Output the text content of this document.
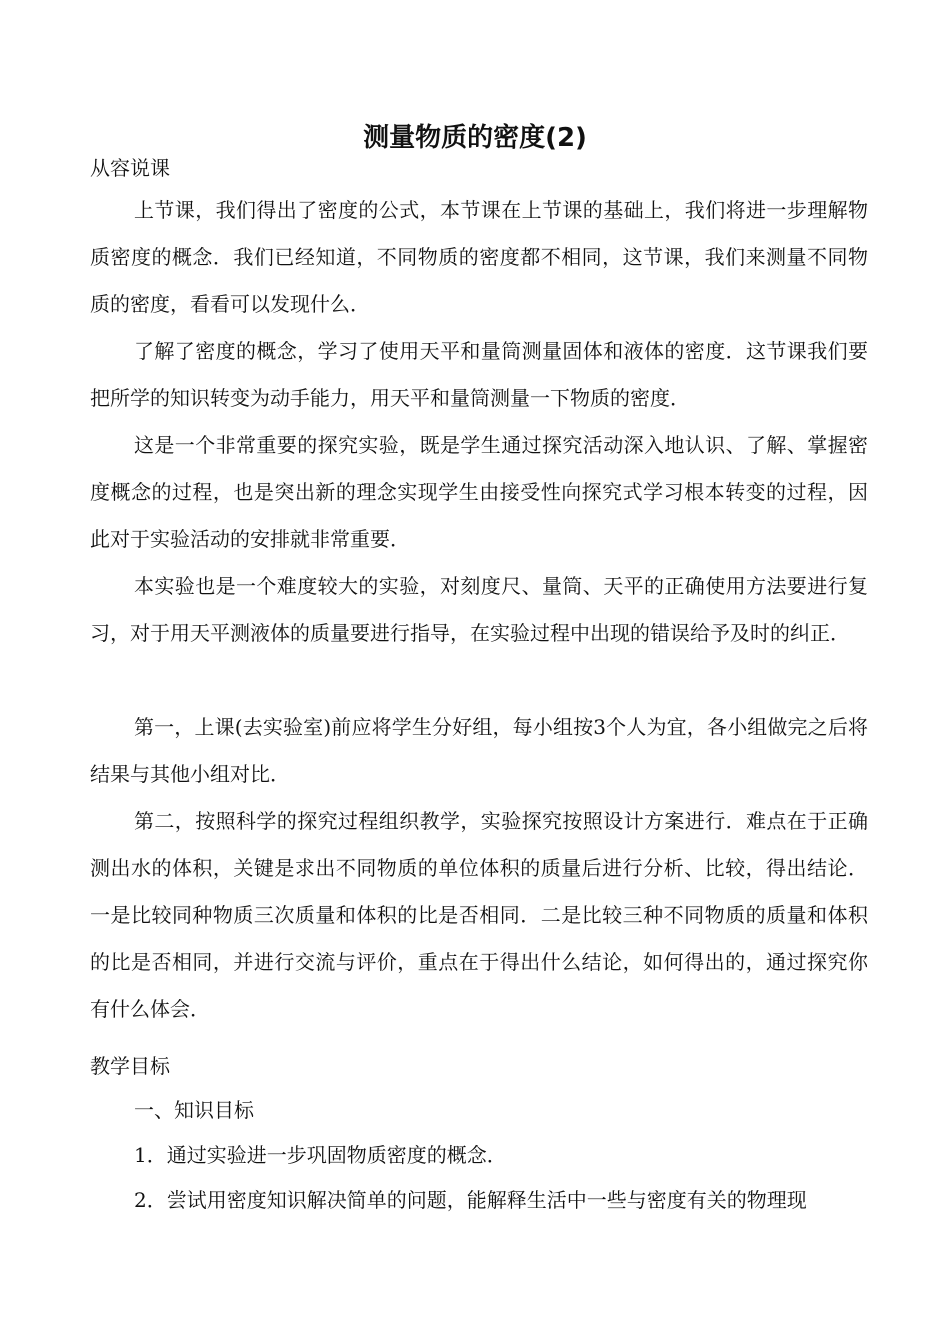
测量物质的密度(2)
从容说课
上节课，我们得出了密度的公式，本节课在上节课的基础上，我们将进一步理解物质密度的概念．我们已经知道，不同物质的密度都不相同，这节课，我们来测量不同物质的密度，看看可以发现什么．
了解了密度的概念，学习了使用天平和量筒测量固体和液体的密度．这节课我们要把所学的知识转变为动手能力，用天平和量筒测量一下物质的密度．
这是一个非常重要的探究实验，既是学生通过探究活动深入地认识、了解、掌握密度概念的过程，也是突出新的理念实现学生由接受性向探究式学习根本转变的过程，因此对于实验活动的安排就非常重要．
本实验也是一个难度较大的实验，对刻度尺、量筒、天平的正确使用方法要进行复习，对于用天平测液体的质量要进行指导，在实验过程中出现的错误给予及时的纠正．
第一，上课(去实验室)前应将学生分好组，每小组按3个人为宜，各小组做完之后将结果与其他小组对比．
第二，按照科学的探究过程组织教学，实验探究按照设计方案进行．难点在于正确测出水的体积，关键是求出不同物质的单位体积的质量后进行分析、比较，得出结论．一是比较同种物质三次质量和体积的比是否相同．二是比较三种不同物质的质量和体积的比是否相同，并进行交流与评价，重点在于得出什么结论，如何得出的，通过探究你有什么体会．
教学目标
一、知识目标
1．通过实验进一步巩固物质密度的概念．
2．尝试用密度知识解决简单的问题，能解释生活中一些与密度有关的物理现
